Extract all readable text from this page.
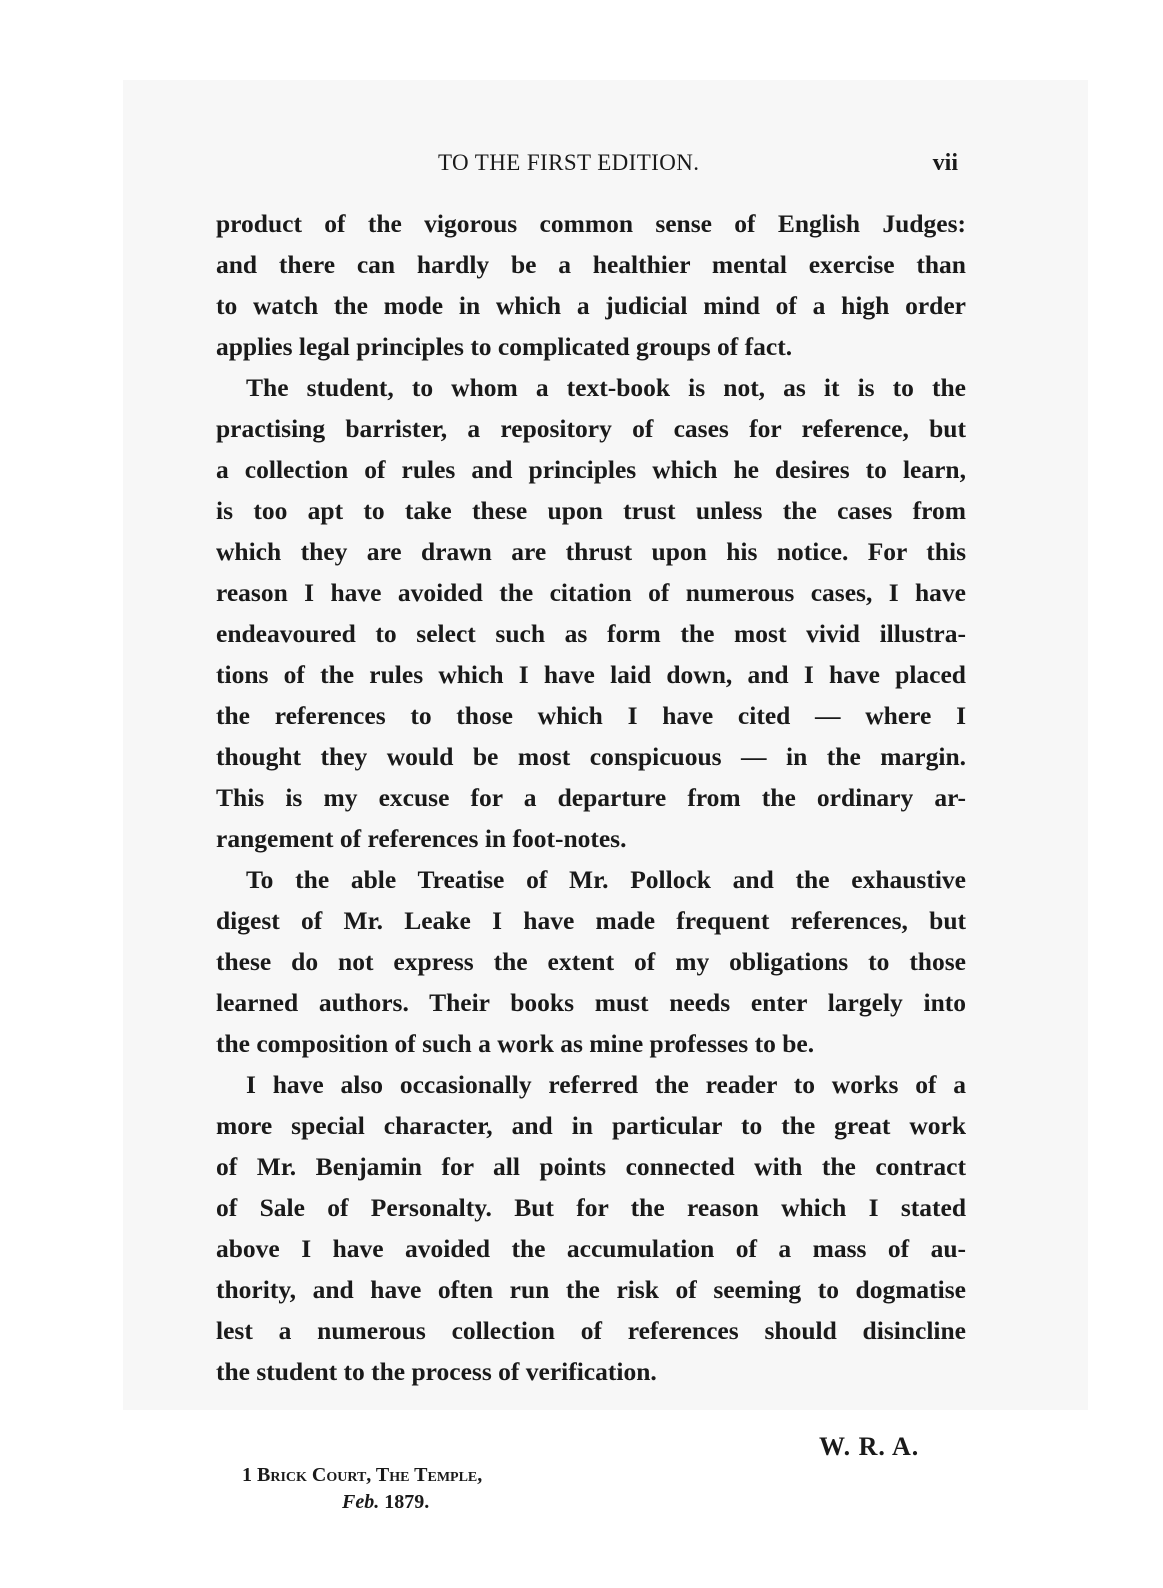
TO THE FIRST EDITION.	vii

product of the vigorous common sense of English Judges:
and there can hardly be a healthier mental exercise than
to watch the mode in which a judicial mind of a high order
applies legal principles to complicated groups of fact.

The student, to whom a text-book is not, as it is to the
practising barrister, a repository of cases for reference, but
a collection of rules and principles which he desires to learn,
is too apt to take these upon trust unless the cases from
which they are drawn are thrust upon his notice. For this
reason I have avoided the citation of numerous cases, I have
endeavoured to select such as form the most vivid illustra-
tions of the rules which I have laid down, and I have placed
the references to those which I have cited — where I
thought they would be most conspicuous — in the margin.
This is my excuse for a departure from the ordinary ar-
rangement of references in foot-notes.

To the able Treatise of Mr. Pollock and the exhaustive
digest of Mr. Leake I have made frequent references, but
these do not express the extent of my obligations to those
learned authors. Their books must needs enter largely into
the composition of such a work as mine professes to be.

I have also occasionally referred the reader to works of a
more special character, and in particular to the great work
of Mr. Benjamin for all points connected with the contract
of Sale of Personalty. But for the reason which I stated
above I have avoided the accumulation of a mass of au-
thority, and have often run the risk of seeming to dogmatise
lest a numerous collection of references should disincline
the student to the process of verification.

W. R. A.
1 Brick Court, The Temple,
Feb. 1879.
